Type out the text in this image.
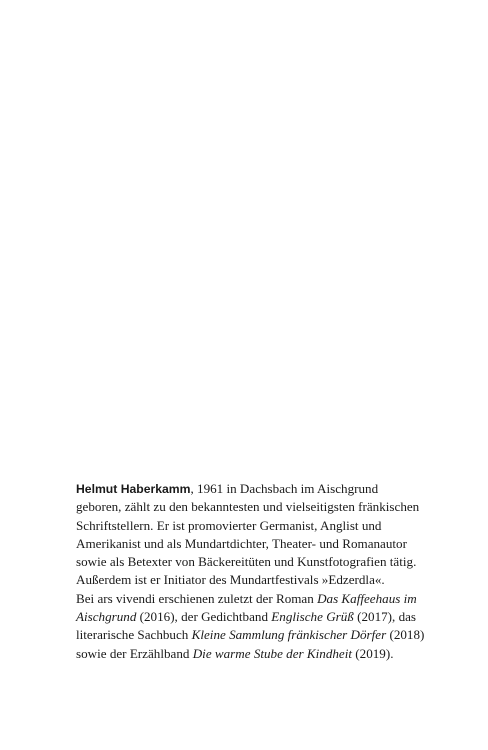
Helmut Haberkamm, 1961 in Dachsbach im Aischgrund
geboren, zählt zu den bekanntesten und vielseitigsten fränkischen
Schriftstellern. Er ist promovierter Germanist, Anglist und
Amerikanist und als Mundartdichter, Theater- und Romanautor
sowie als Betexter von Bäckereitüten und Kunstfotografien tätig.
Außerdem ist er Initiator des Mundartfestivals »Edzerdla«.
Bei ars vivendi erschienen zuletzt der Roman Das Kaffeehaus im
Aischgrund (2016), der Gedichtband Englische Grüß (2017), das
literarische Sachbuch Kleine Sammlung fränkischer Dörfer (2018)
sowie der Erzählband Die warme Stube der Kindheit (2019).
